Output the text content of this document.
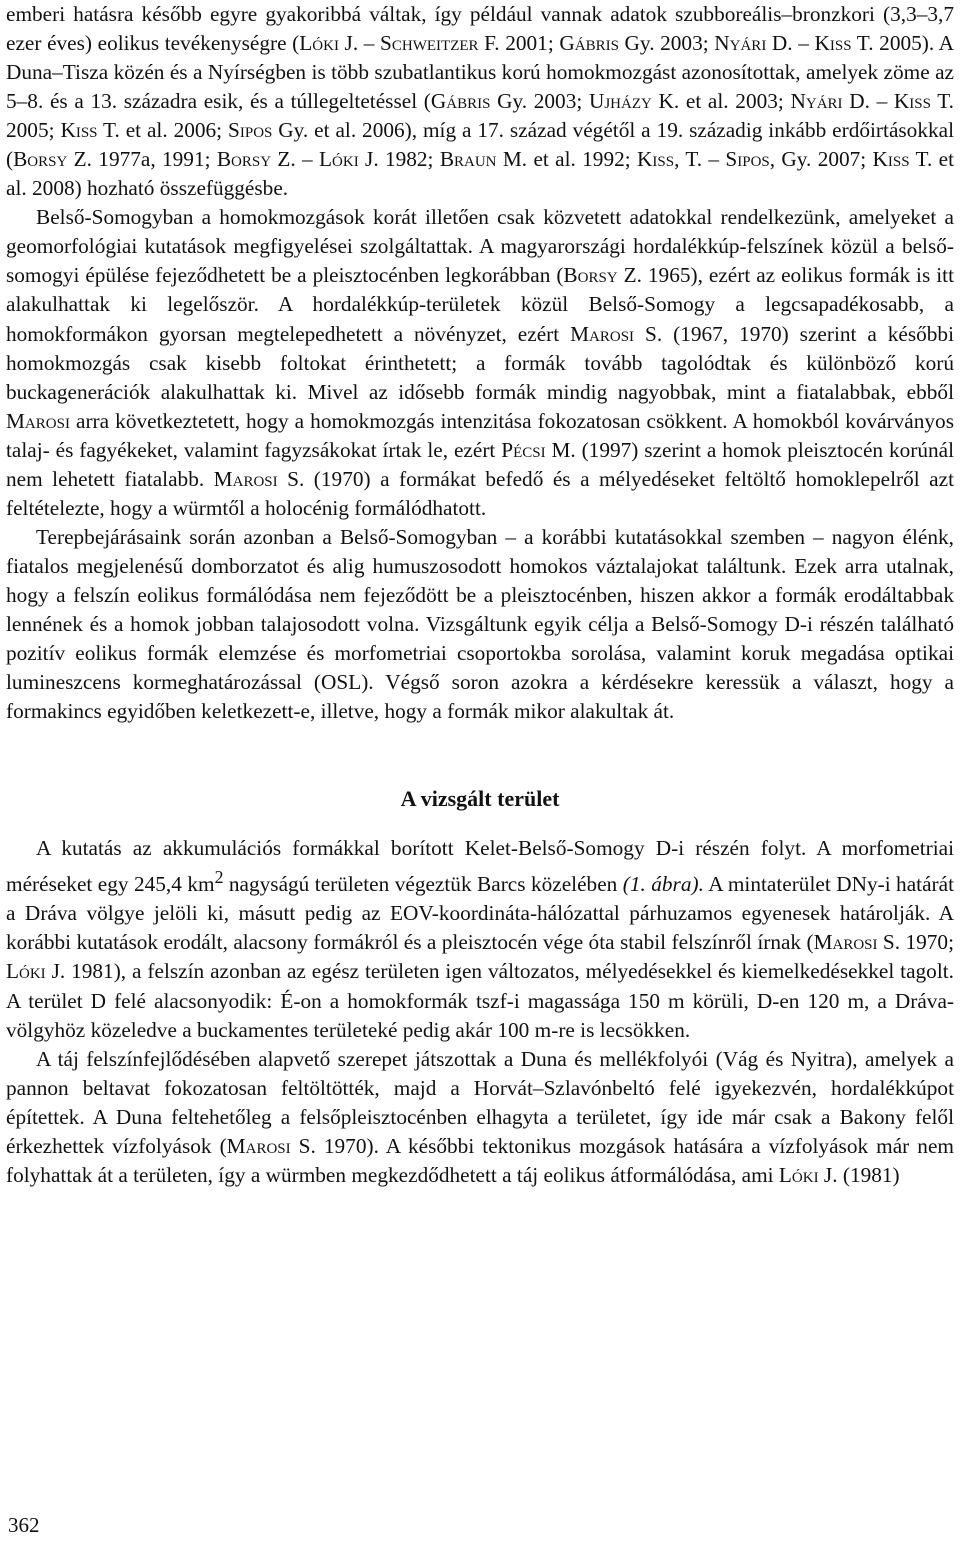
emberi hatásra később egyre gyakoribbá váltak, így például vannak adatok szubboreális–bronzkori (3,3–3,7 ezer éves) eolikus tevékenységre (Lóki J. – Schweitzer F. 2001; Gábris Gy. 2003; Nyári D. – Kiss T. 2005). A Duna–Tisza közén és a Nyírségben is több szubatlantikus korú homokmozgást azonosítottak, amelyek zöme az 5–8. és a 13. századra esik, és a túllegeltetéssel (Gábris Gy. 2003; Ujházy K. et al. 2003; Nyári D. – Kiss T. 2005; Kiss T. et al. 2006; Sipos Gy. et al. 2006), míg a 17. század végétől a 19. századig inkább erdőirtásokkal (Borsy Z. 1977a, 1991; Borsy Z. – Lóki J. 1982; Braun M. et al. 1992; Kiss, T. – Sipos, Gy. 2007; Kiss T. et al. 2008) hozható összefüggésbe.

Belső-Somogyban a homokmozgások korát illetően csak közvetett adatokkal rendelkezünk, amelyeket a geomorfológiai kutatások megfigyelései szolgáltattak. A magyarországi hordalékkúp-felszínek közül a belső-somogyi épülése fejeződhetett be a pleisztocénben legkorábban (Borsy Z. 1965), ezért az eolikus formák is itt alakulhattak ki legelőször. A hordalékkúp-területek közül Belső-Somogy a legcsapadékosabb, a homokformákon gyorsan megtelepedhetett a növényzet, ezért Marosi S. (1967, 1970) szerint a későbbi homokmozgás csak kisebb foltokat érinthetett; a formák tovább tagolódtak és különböző korú buckagenerációk alakulhattak ki. Mivel az idősebb formák mindig nagyobbak, mint a fiatalabbak, ebből Marosi arra következtetett, hogy a homokmozgás intenzitása fokozatosan csökkent. A homokból kovárványos talaj- és fagyékeket, valamint fagyzsákokat írtak le, ezért Pécsi M. (1997) szerint a homok pleisztocén korúnál nem lehetett fiatalabb. Marosi S. (1970) a formákat befedő és a mélyedéseket feltöltő homoklepelről azt feltételezte, hogy a würmtől a holocénig formálódhatott.

Terepbejárásaink során azonban a Belső-Somogyban – a korábbi kutatásokkal szemben – nagyon élénk, fiatalos megjelenésű domborzatot és alig humuszosodott homokos váztаlajokat találtunk. Ezek arra utalnak, hogy a felszín eolikus formálódása nem fejeződött be a pleisztocénben, hiszen akkor a formák erodáltabbak lennének és a homok jobban talajosodott volna. Vizsgáltunk egyik célja a Belső-Somogy D-i részén található pozitív eolikus formák elemzése és morfometriai csoportokba sorolása, valamint koruk megadása optikai lumineszcens kormeghatározással (OSL). Végső soron azokra a kérdésekre keressük a választ, hogy a formakincs egyidőben keletkezett-e, illetve, hogy a formák mikor alakultak át.

A vizsgált terület

A kutatás az akkumulációs formákkal borított Kelet-Belső-Somogy D-i részén folyt. A morfometriai méréseket egy 245,4 $km^2$ nagyságú területen végeztük Barcs közelében (1. ábra). A mintaterület DNy-i határát a Dráva völgye jelöli ki, másutt pedig az EOV-koordináta-hálózattal párhuzamos egyenesek határolják. A korábbi kutatások erodált, alacsony formákról és a pleisztocén vége óta stabil felszínről írnak (Marosi S. 1970; Lóki J. 1981), a felszín azonban az egész területen igen változatos, mélyedésekkel és kiemelkedésekkel tagolt. A terület D felé alacsonyodik: É-on a homokformák tszf-i magassága 150 m körüli, D-en 120 m, a Dráva-völgyhöz közeledve a buckamentes területeké pedig akár 100 m-re is lecsökken.

A táj felszínfejlődésében alapvető szerepet játszottak a Duna és mellékfolyói (Vág és Nyitra), amelyek a pannon beltavat fokozatosan feltöltötték, majd a Horvát–Szlavónbeltó felé igyekezvén, hordalékkúpot építettek. A Duna feltehetőleg a felsőpleisztocénben elhagyta a területet, így ide már csak a Bakony felől érkezhettek vízfolyások (Marosi S. 1970). A későbbi tektonikus mozgások hatására a vízfolyások már nem folyhattak át a területen, így a würmben megkezdődhetett a táj eolikus átformálódása, ami Lóki J. (1981)

362
